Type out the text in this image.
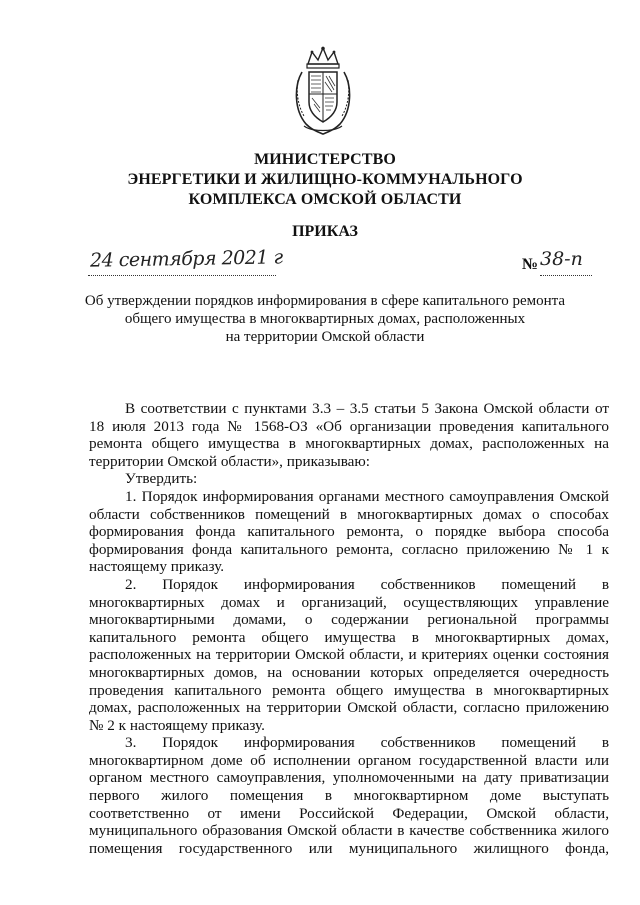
МИНИСТЕРСТВО
ЭНЕРГЕТИКИ И ЖИЛИЩНО-КОММУНАЛЬНОГО
КОМПЛЕКСА ОМСКОЙ ОБЛАСТИ
ПРИКАЗ
24 сентября 2021 г	№ 38-п
Об утверждении порядков информирования в сфере капитального ремонта
общего имущества в многоквартирных домах, расположенных
на территории Омской области
В соответствии с пунктами 3.3 – 3.5 статьи 5 Закона Омской области от
18 июля 2013 года № 1568-ОЗ «Об организации проведения капитального
ремонта общего имущества в многоквартирных домах, расположенных на
территории Омской области», приказываю:
Утвердить:
1. Порядок информирования органами местного самоуправления Омской
области собственников помещений в многоквартирных домах о способах
формирования фонда капитального ремонта, о порядке выбора способа
формирования фонда капитального ремонта, согласно приложению № 1 к
настоящему приказу.
2. Порядок информирования собственников помещений в
многоквартирных домах и организаций, осуществляющих управление
многоквартирными домами, о содержании региональной программы
капитального ремонта общего имущества в многоквартирных домах,
расположенных на территории Омской области, и критериях оценки состояния
многоквартирных домов, на основании которых определяется очередность
проведения капитального ремонта общего имущества в многоквартирных
домах, расположенных на территории Омской области, согласно приложению
№ 2 к настоящему приказу.
3. Порядок информирования собственников помещений в
многоквартирном доме об исполнении органом государственной власти или
органом местного самоуправления, уполномоченными на дату приватизации
первого жилого помещения в многоквартирном доме выступать
соответственно от имени Российской Федерации, Омской области,
муниципального образования Омской области в качестве собственника жилого
помещения государственного или муниципального жилищного фонда,
